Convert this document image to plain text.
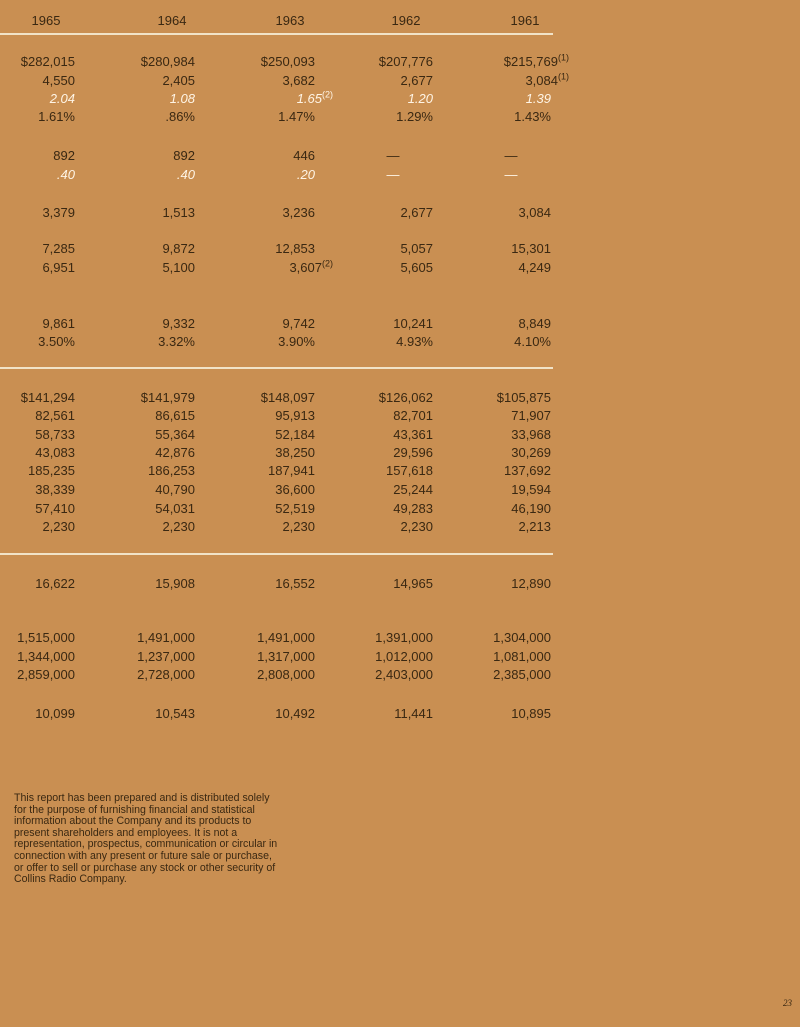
1965	1964	1963	1962	1961
$282,015	$280,984	$250,093	$207,776	$215,769$^{(1)}$
4,550	2,405	3,682	2,677	3,084$^{(1)}$
2.04	1.08	1.65$^{(2)}$	1.20	1.39
1.61%	.86%	1.47%	1.29%	1.43%
892	892	446	—	—
.40	.40	.20	—	—
3,379	1,513	3,236	2,677	3,084
7,285	9,872	12,853	5,057	15,301
6,951	5,100	3,607$^{(2)}$	5,605	4,249
9,861	9,332	9,742	10,241	8,849
3.50%	3.32%	3.90%	4.93%	4.10%
$141,294	$141,979	$148,097	$126,062	$105,875
82,561	86,615	95,913	82,701	71,907
58,733	55,364	52,184	43,361	33,968
43,083	42,876	38,250	29,596	30,269
185,235	186,253	187,941	157,618	137,692
38,339	40,790	36,600	25,244	19,594
57,410	54,031	52,519	49,283	46,190
2,230	2,230	2,230	2,230	2,213
16,622	15,908	16,552	14,965	12,890
1,515,000	1,491,000	1,491,000	1,391,000	1,304,000
1,344,000	1,237,000	1,317,000	1,012,000	1,081,000
2,859,000	2,728,000	2,808,000	2,403,000	2,385,000
10,099	10,543	10,492	11,441	10,895
This report has been prepared and is distributed solely for the purpose of furnishing financial and statistical information about the Company and its products to present shareholders and employees. It is not a representation, prospectus, communication or circular in connection with any present or future sale or purchase, or offer to sell or purchase any stock or other security of Collins Radio Company.
23
